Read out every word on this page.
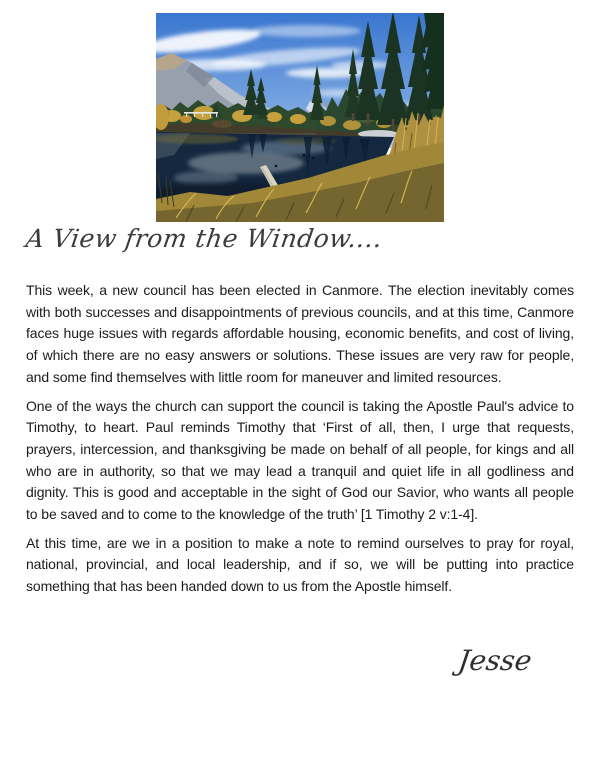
A View from the Window....

This week, a new council has been elected in Canmore. The election inevitably comes with both successes and disappointments of previous councils, and at this time, Canmore faces huge issues with regards affordable housing, economic benefits, and cost of living, of which there are no easy answers or solutions. These issues are very raw for people, and some find themselves with little room for maneuver and limited resources.

One of the ways the church can support the council is taking the Apostle Paul's advice to Timothy, to heart. Paul reminds Timothy that ‘First of all, then, I urge that requests, prayers, intercession, and thanksgiving be made on behalf of all people, for kings and all who are in authority, so that we may lead a tranquil and quiet life in all godliness and dignity. This is good and acceptable in the sight of God our Savior, who wants all people to be saved and to come to the knowledge of the truth’ [1 Timothy 2 v:1-4].

At this time, are we in a position to make a note to remind ourselves to pray for royal, national, provincial, and local leadership, and if so, we will be putting into practice something that has been handed down to us from the Apostle himself.

Jesse
